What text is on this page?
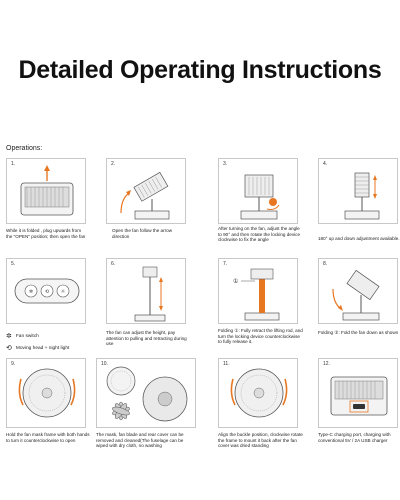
Detailed Operating Instructions
Operations:
1.
While it is folded , plug upwards from the "OPEN" position; then open the fan
2.
Open the fan follow the arrow direction
3.
After turning on the fan, adjust the angle to 90° and then rotate the locking device clockwise to fix the angle
4.
180° up and down adjustment available.
5.
✲ ⟲ ☼
✲ Fan switch
⟲ Moving head + night light
6.
The fan can adjust the height, pay attention to pulling and retracting during use
7.
①
Folding ①: Fully retract the lifting rod, and turn the locking device counterclockwise to fully release it.
8.
Folding ②: Fold the fan down as shown
9.
Hold the fan mask frame with both hands to turn it counterclockwise to open
10.
The mask, fan blade and rear cover can be removed and cleaned(The fuselage can be wiped with dry cloth, no washing
11.
Align the buckle position, clockwise rotate the frame to mount it back after the fan cover was dried standing
12.
Type-C charging port, charging with conventional 5V / 2A USB charger
